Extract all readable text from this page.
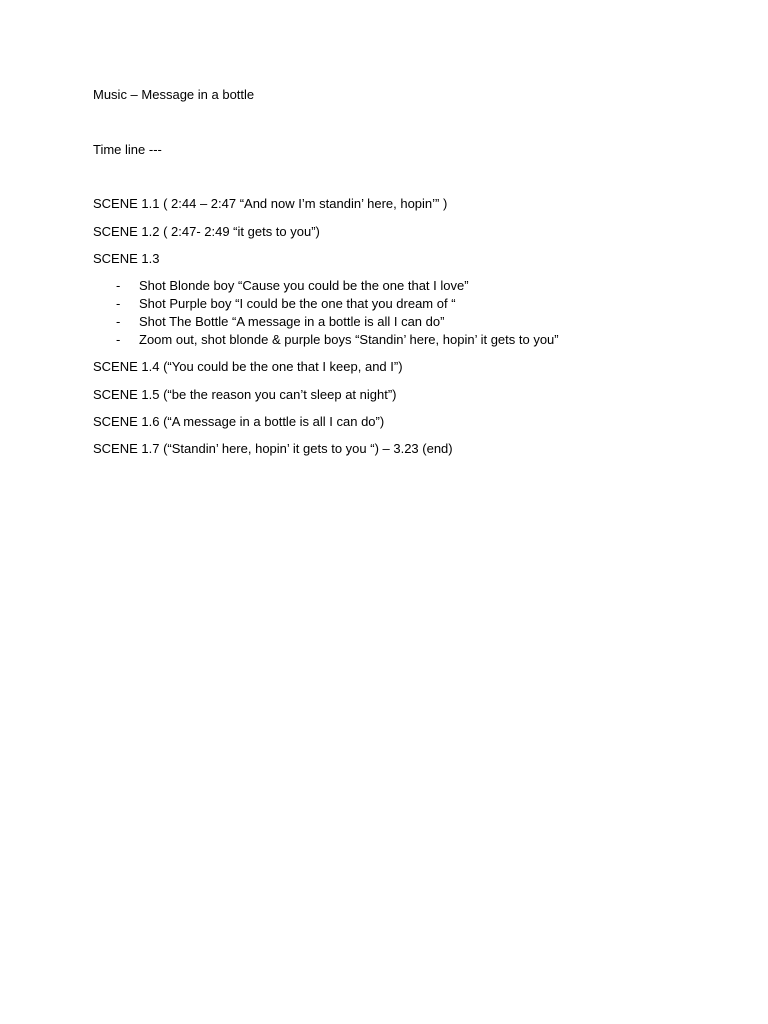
Music – Message in a bottle
Time line ---
SCENE 1.1 ( 2:44 – 2:47 “And now I’m standin’ here, hopin’” )
SCENE 1.2 ( 2:47- 2:49 “it gets to you”)
SCENE 1.3
- Shot Blonde boy “Cause you could be the one that I love”
- Shot Purple boy “I could be the one that you dream of “
- Shot The Bottle “A message in a bottle is all I can do”
- Zoom out, shot blonde & purple boys “Standin’ here, hopin’ it gets to you”
SCENE 1.4 (“You could be the one that I keep, and I”)
SCENE 1.5 (“be the reason you can’t sleep at night”)
SCENE 1.6 (“A message in a bottle is all I can do”)
SCENE 1.7 (“Standin’ here, hopin’ it gets to you “) – 3.23 (end)
